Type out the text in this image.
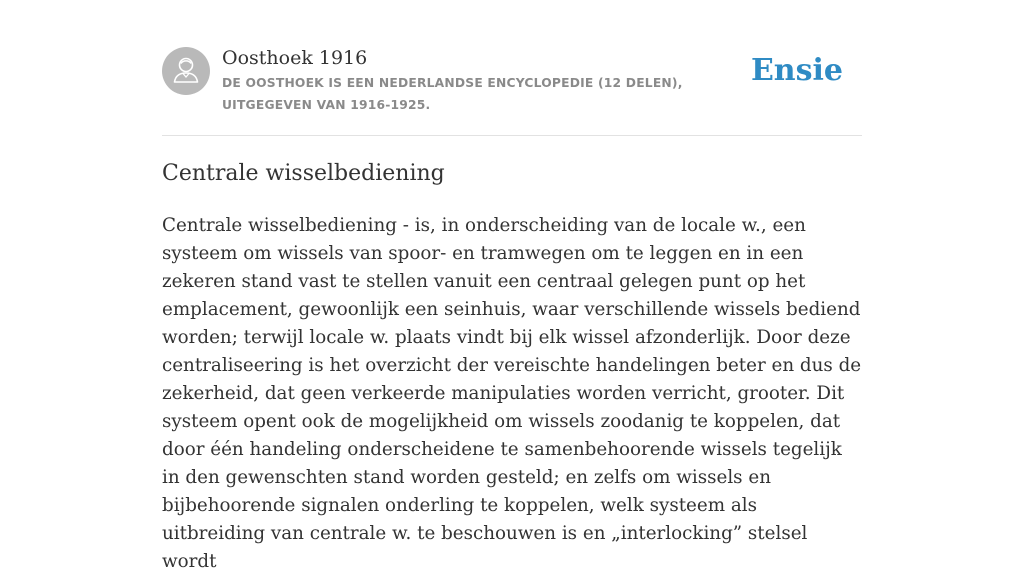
Oosthoek 1916
DE OOSTHOEK IS EEN NEDERLANDSE ENCYCLOPEDIE (12 DELEN), UITGEGEVEN VAN 1916-1925.
Ensie
Centrale wisselbediening

Centrale wisselbediening - is, in onderscheiding van de locale w., een systeem om wissels van spoor- en tramwegen om te leggen en in een zekeren stand vast te stellen vanuit een centraal gelegen punt op het emplacement, gewoonlijk een seinhuis, waar verschillende wissels bediend worden; terwijl locale w. plaats vindt bij elk wissel afzonderlijk. Door deze centraliseering is het overzicht der vereischte handelingen beter en dus de zekerheid, dat geen verkeerde manipulaties worden verricht, grooter. Dit systeem opent ook de mogelijkheid om wissels zoodanig te koppelen, dat door één handeling onderscheidene te samenbehoorende wissels tegelijk in den gewenschten stand worden gesteld; en zelfs om wissels en bijbehoorende signalen onderling te koppelen, welk systeem als uitbreiding van centrale w. te beschouwen is en „interlocking” stelsel wordt
